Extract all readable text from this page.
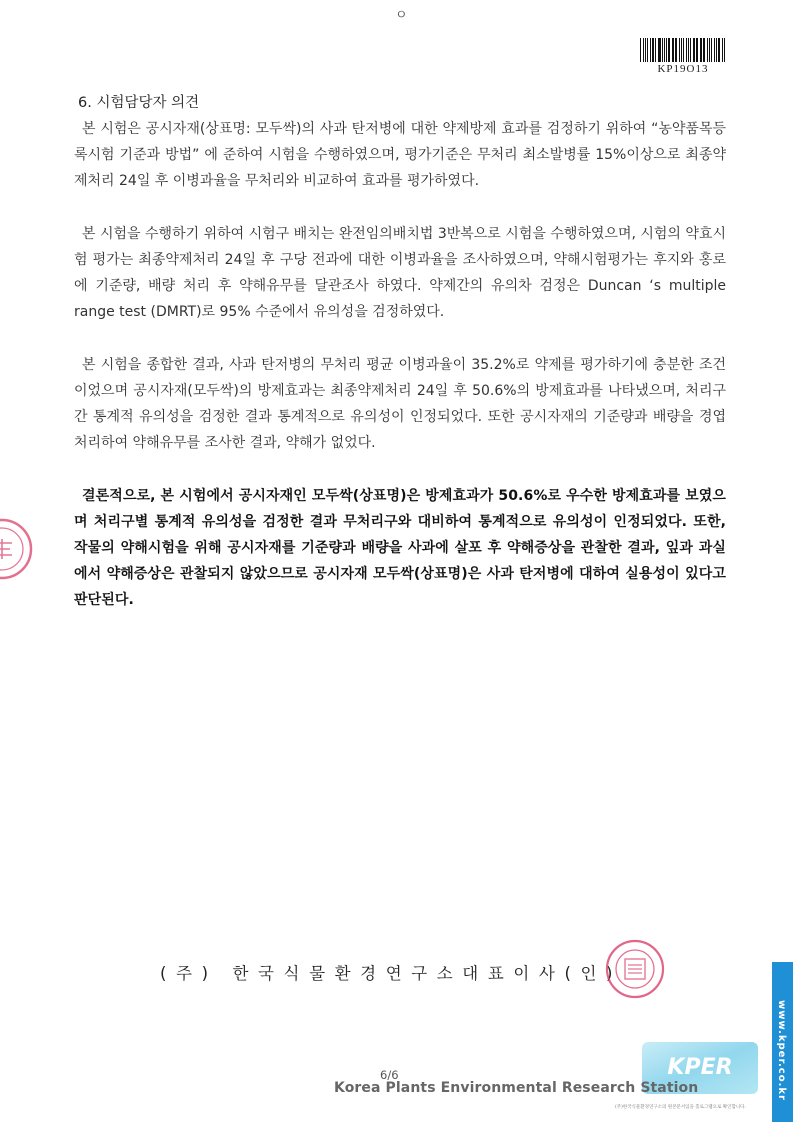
ㅇ
KP19O13
6. 시험담당자 의견

본 시험은 공시자재(상표명: 모두싹)의 사과 탄저병에 대한 약제방제 효과를 검정하기 위하여 “농약품목등록시험 기준과 방법” 에 준하여 시험을 수행하였으며, 평가기준은 무처리 최소발병률 15%이상으로 최종약제처리 24일 후 이병과율을 무처리와 비교하여 효과를 평가하였다.

본 시험을 수행하기 위하여 시험구 배치는 완전임의배치법 3반복으로 시험을 수행하였으며, 시험의 약효시험 평가는 최종약제처리 24일 후 구당 전과에 대한 이병과율을 조사하였으며, 약해시험평가는 후지와 홍로에 기준량, 배량 처리 후 약해유무를 달관조사 하였다. 약제간의 유의차 검정은 Duncan ‘s multiple range test (DMRT)로 95% 수준에서 유의성을 검정하였다.

본 시험을 종합한 결과, 사과 탄저병의 무처리 평균 이병과율이 35.2%로 약제를 평가하기에 충분한 조건이었으며 공시자재(모두싹)의 방제효과는 최종약제처리 24일 후 50.6%의 방제효과를 나타냈으며, 처리구 간 통계적 유의성을 검정한 결과 통계적으로 유의성이 인정되었다. 또한 공시자재의 기준량과 배량을 경엽 처리하여 약해유무를 조사한 결과, 약해가 없었다.

결론적으로, 본 시험에서 공시자재인 모두싹(상표명)은 방제효과가 50.6%로 우수한 방제효과를 보였으며 처리구별 통계적 유의성을 검정한 결과 무처리구와 대비하여 통계적으로 유의성이 인정되었다. 또한, 작물의 약해시험을 위해 공시자재를 기준량과 배량을 사과에 살포 후 약해증상을 관찰한 결과, 잎과 과실에서 약해증상은 관찰되지 않았으므로 공시자재 모두싹(상표명)은 사과 탄저병에 대하여 실용성이 있다고 판단된다.

(주) 한국식물환경연구소대표이사(인)
KPER
6/6
Korea Plants Environmental Research Station
(주)한국식물환경연구소의 원본문서임을 홀로그램으로 확인합니다.
www.kper.co.kr
